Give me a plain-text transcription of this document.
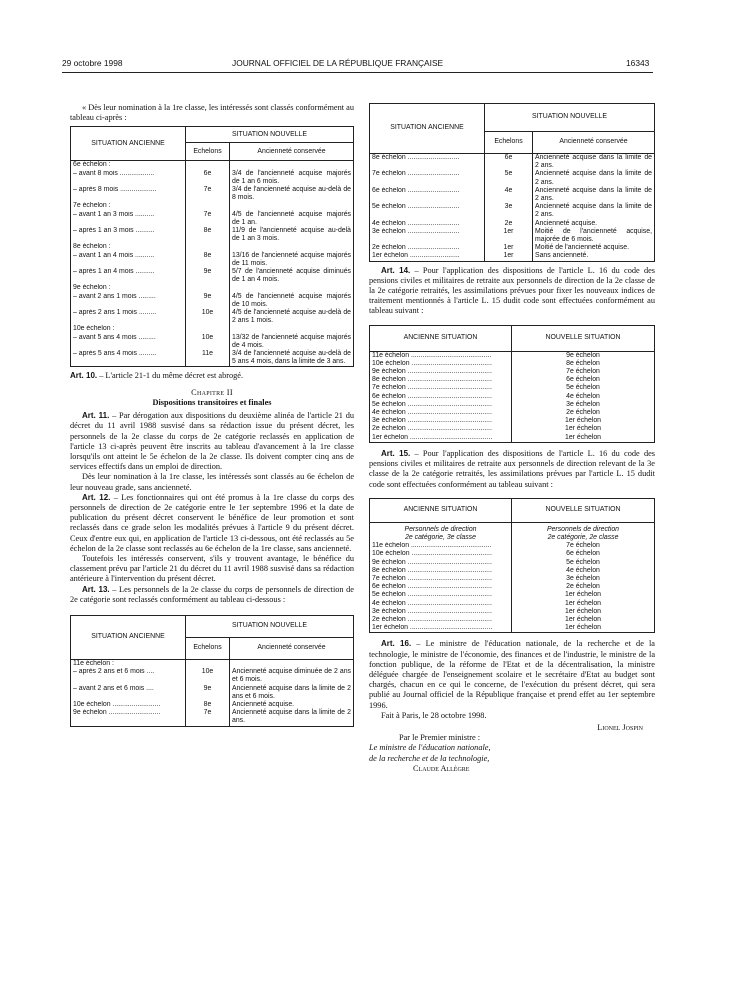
29 octobre 1998	JOURNAL OFFICIEL DE LA RÉPUBLIQUE FRANÇAISE	16343

« Dès leur nomination à la 1re classe, les intéressés sont classés conformément au tableau ci-après :

SITUATION ANCIENNE	SITUATION NOUVELLE	
	Echelons	Ancienneté conservée
6e échelon :		
– avant 8 mois ..................	6e	3/4 de l'ancienneté acquise majorés de 1 an 6 mois.
– après 8 mois ...................	7e	3/4 de l'ancienneté acquise au-delà de 8 mois.
7e échelon :		
– avant 1 an 3 mois ..........	7e	4/5 de l'ancienneté acquise majorés de 1 an.
– après 1 an 3 mois ..........	8e	11/9 de l'ancienneté acquise au-delà de 1 an 3 mois.
8e échelon :		
– avant 1 an 4 mois ..........	8e	13/16 de l'ancienneté acquise majorés de 11 mois.
– après 1 an 4 mois ..........	9e	5/7 de l'ancienneté acquise diminués de 1 an 4 mois.
9e échelon :		
– avant 2 ans 1 mois .........	9e	4/5 de l'ancienneté acquise majorés de 10 mois.
– après 2 ans 1 mois .........	10e	4/5 de l'ancienneté acquise au-delà de 2 ans 1 mois.
10e échelon :		
– avant 5 ans 4 mois .........	10e	13/32 de l'ancienneté acquise majorés de 4 mois.
– après 5 ans 4 mois .........	11e	3/4 de l'ancienneté acquise au-delà de 5 ans 4 mois, dans la limite de 3 ans.

Art. 10. – L'article 21-1 du même décret est abrogé.

Chapitre II

Dispositions transitoires et finales

Art. 11. – Par dérogation aux dispositions du deuxième alinéa de l'article 21 du décret du 11 avril 1988 susvisé dans sa rédaction issue du présent décret, les personnels de la 2e classe du corps de 2e catégorie reclassés en application de l'article 13 ci-après peuvent être inscrits au tableau d'avancement à la 1re classe lorsqu'ils ont atteint le 5e échelon de la 2e classe. Ils doivent compter cinq ans de services effectifs dans un emploi de direction.

Dès leur nomination à la 1re classe, les intéressés sont classés au 6e échelon de leur nouveau grade, sans ancienneté.

Art. 12. – Les fonctionnaires qui ont été promus à la 1re classe du corps des personnels de direction de 2e catégorie entre le 1er septembre 1996 et la date de publication du présent décret conservent le bénéfice de leur promotion et sont reclassés dans ce grade selon les modalités prévues à l'article 9 du présent décret. Ceux d'entre eux qui, en application de l'article 13 ci-dessous, ont été reclassés au 5e échelon de la 2e classe sont reclassés au 6e échelon de la 1re classe, sans ancienneté.

Toutefois les intéressés conservent, s'ils y trouvent avantage, le bénéfice du classement prévu par l'article 21 du décret du 11 avril 1988 susvisé dans sa rédaction antérieure à l'intervention du présent décret.

Art. 13. – Les personnels de la 2e classe du corps de personnels de direction de 2e catégorie sont reclassés conformément au tableau ci-dessous :

SITUATION ANCIENNE	SITUATION NOUVELLE	
	Echelons	Ancienneté conservée
11e échelon :		
– après 2 ans et 6 mois ....	10e	Ancienneté acquise diminuée de 2 ans et 6 mois.
– avant 2 ans et 6 mois ....	9e	Ancienneté acquise dans la limite de 2 ans et 6 mois.
10e échelon .........................	8e	Ancienneté acquise.
9e échelon ...........................	7e	Ancienneté acquise dans la limite de 2 ans.
SITUATION ANCIENNE	SITUATION NOUVELLE	
	Echelons	Ancienneté conservée
8e échelon ...........................	6e	Ancienneté acquise dans la limite de 2 ans.
7e échelon ...........................	5e	Ancienneté acquise dans la limite de 2 ans.
6e échelon ...........................	4e	Ancienneté acquise dans la limite de 2 ans.
5e échelon ...........................	3e	Ancienneté acquise dans la limite de 2 ans.
4e échelon ...........................	2e	Ancienneté acquise.
3e échelon ...........................	1er	Moitié de l'ancienneté acquise, majorée de 6 mois.
2e échelon ...........................	1er	Moitié de l'ancienneté acquise.
1er échelon ..........................	1er	Sans ancienneté.

Art. 14. – Pour l'application des dispositions de l'article L. 16 du code des pensions civiles et militaires de retraite aux personnels de direction de la 2e classe de la 2e catégorie retraités, les assimilations prévues pour fixer les nouveaux indices de traitement mentionnés à l'article L. 15 dudit code sont effectuées conformément au tableau suivant :

ANCIENNE SITUATION	NOUVELLE SITUATION
11e échelon ..........................................	9e échelon
10e échelon ..........................................	8e échelon
9e échelon ............................................	7e échelon
8e échelon ............................................	6e échelon
7e échelon ............................................	5e échelon
6e échelon ............................................	4e échelon
5e échelon ............................................	3e échelon
4e échelon ............................................	2e échelon
3e échelon ............................................	1er échelon
2e échelon ............................................	1er échelon
1er échelon ...........................................	1er échelon

Art. 15. – Pour l'application des dispositions de l'article L. 16 du code des pensions civiles et militaires de retraite aux personnels de direction relevant de la 3e classe de la 2e catégorie retraités, les assimilations prévues par l'article L. 15 dudit code sont effectuées conformément au tableau suivant :

ANCIENNE SITUATION	NOUVELLE SITUATION
Personnels de direction
2e catégorie, 3e classe	Personnels de direction
2e catégorie, 2e classe
11e échelon ..........................................	7e échelon
10e échelon ..........................................	6e échelon
9e échelon ............................................	5e échelon
8e échelon ............................................	4e échelon
7e échelon ............................................	3e échelon
6e échelon ............................................	2e échelon
5e échelon ............................................	1er échelon
4e échelon ............................................	1er échelon
3e échelon ............................................	1er échelon
2e échelon ............................................	1er échelon
1er échelon ...........................................	1er échelon

Art. 16. – Le ministre de l'éducation nationale, de la recherche et de la technologie, le ministre de l'économie, des finances et de l'industrie, le ministre de la fonction publique, de la réforme de l'Etat et de la décentralisation, la ministre déléguée chargée de l'enseignement scolaire et le secrétaire d'Etat au budget sont chargés, chacun en ce qui le concerne, de l'exécution du présent décret, qui sera publié au Journal officiel de la République française et prend effet au 1er septembre 1996.

Fait à Paris, le 28 octobre 1998.

Lionel Jospin

Par le Premier ministre :

Le ministre de l'éducation nationale,

de la recherche et de la technologie,

Claude Allègre
